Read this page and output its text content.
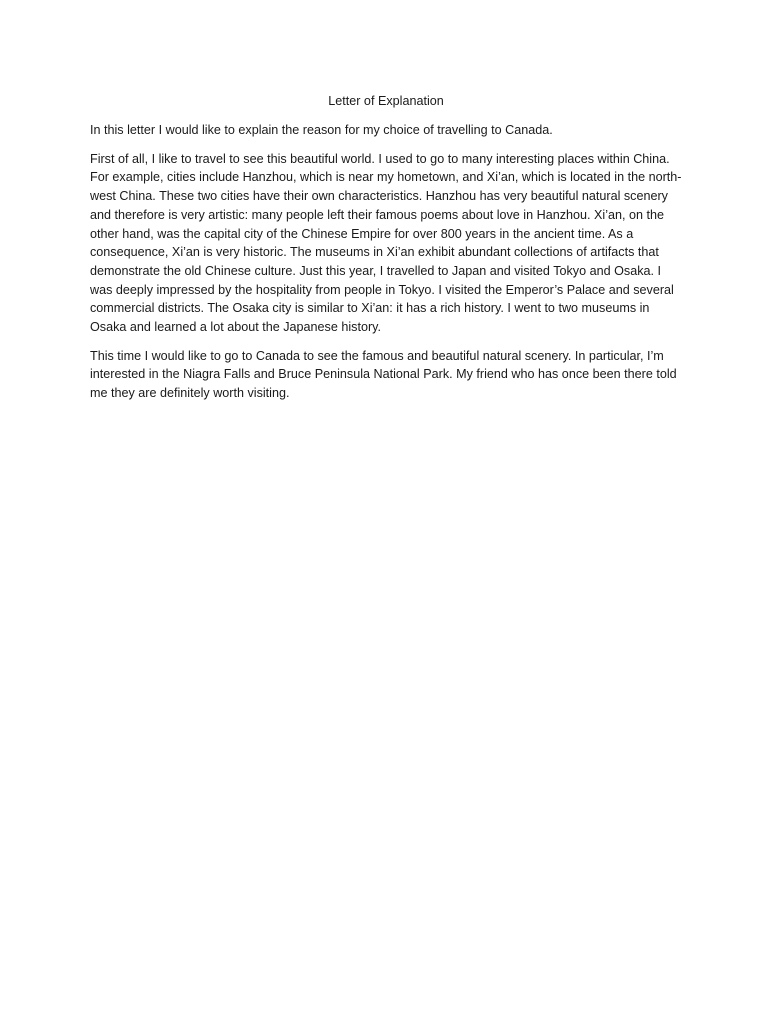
Letter of Explanation

In this letter I would like to explain the reason for my choice of travelling to Canada.

First of all, I like to travel to see this beautiful world. I used to go to many interesting places within China. For example, cities include Hanzhou, which is near my hometown, and Xi’an, which is located in the north-west China. These two cities have their own characteristics. Hanzhou has very beautiful natural scenery and therefore is very artistic: many people left their famous poems about love in Hanzhou. Xi’an, on the other hand, was the capital city of the Chinese Empire for over 800 years in the ancient time. As a consequence, Xi’an is very historic. The museums in Xi’an exhibit abundant collections of artifacts that demonstrate the old Chinese culture. Just this year, I travelled to Japan and visited Tokyo and Osaka. I was deeply impressed by the hospitality from people in Tokyo. I visited the Emperor’s Palace and several commercial districts. The Osaka city is similar to Xi’an: it has a rich history. I went to two museums in Osaka and learned a lot about the Japanese history.

This time I would like to go to Canada to see the famous and beautiful natural scenery. In particular, I’m interested in the Niagra Falls and Bruce Peninsula National Park. My friend who has once been there told me they are definitely worth visiting.
